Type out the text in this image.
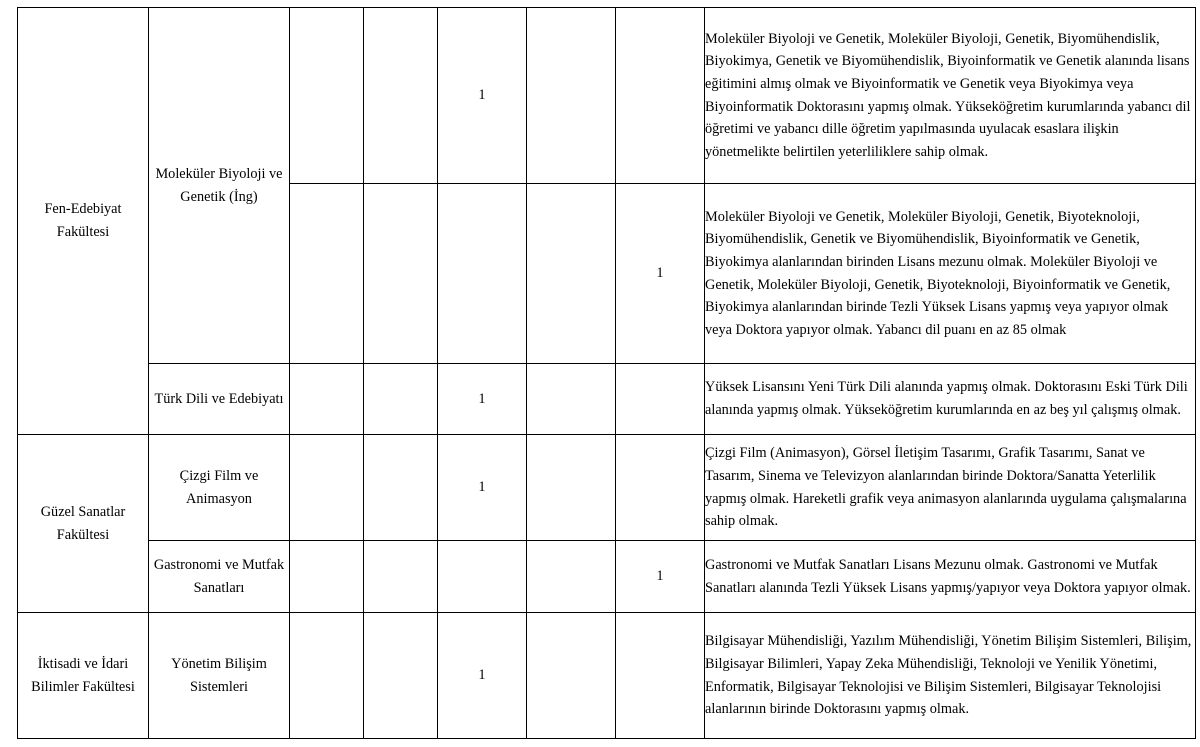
Fen-Edebiyat Fakültesi	Moleküler Biyoloji ve Genetik (İng)			1			Moleküler Biyoloji ve Genetik, Moleküler Biyoloji, Genetik, Biyomühendislik, Biyokimya, Genetik ve Biyomühendislik, Biyoinformatik ve Genetik alanında lisans eğitimini almış olmak ve Biyoinformatik ve Genetik veya Biyokimya veya Biyoinformatik Doktorasını yapmış olmak. Yükseköğretim kurumlarında yabancı dil öğretimi ve yabancı dille öğretim yapılmasında uyulacak esaslara ilişkin yönetmelikte belirtilen yeterliliklere sahip olmak.
						1	Moleküler Biyoloji ve Genetik, Moleküler Biyoloji, Genetik, Biyoteknoloji, Biyomühendislik, Genetik ve Biyomühendislik, Biyoinformatik ve Genetik, Biyokimya alanlarından birinden Lisans mezunu olmak. Moleküler Biyoloji ve Genetik, Moleküler Biyoloji, Genetik, Biyoteknoloji, Biyoinformatik ve Genetik, Biyokimya alanlarından birinde Tezli Yüksek Lisans yapmış veya yapıyor olmak veya Doktora yapıyor olmak. Yabancı dil puanı en az 85 olmak
	Türk Dili ve Edebiyatı			1			Yüksek Lisansını Yeni Türk Dili alanında yapmış olmak. Doktorasını Eski Türk Dili alanında yapmış olmak. Yükseköğretim kurumlarında en az beş yıl çalışmış olmak.
Güzel Sanatlar Fakültesi	Çizgi Film ve Animasyon			1			Çizgi Film (Animasyon), Görsel İletişim Tasarımı, Grafik Tasarımı, Sanat ve Tasarım, Sinema ve Televizyon alanlarından birinde Doktora/Sanatta Yeterlilik yapmış olmak. Hareketli grafik veya animasyon alanlarında uygulama çalışmalarına sahip olmak.
	Gastronomi ve Mutfak Sanatları					1	Gastronomi ve Mutfak Sanatları Lisans Mezunu olmak. Gastronomi ve Mutfak Sanatları alanında Tezli Yüksek Lisans yapmış/yapıyor veya Doktora yapıyor olmak.
İktisadi ve İdari Bilimler Fakültesi	Yönetim Bilişim Sistemleri			1			Bilgisayar Mühendisliği, Yazılım Mühendisliği, Yönetim Bilişim Sistemleri, Bilişim, Bilgisayar Bilimleri, Yapay Zeka Mühendisliği, Teknoloji ve Yenilik Yönetimi, Enformatik, Bilgisayar Teknolojisi ve Bilişim Sistemleri, Bilgisayar Teknolojisi alanlarının birinde Doktorasını yapmış olmak.
